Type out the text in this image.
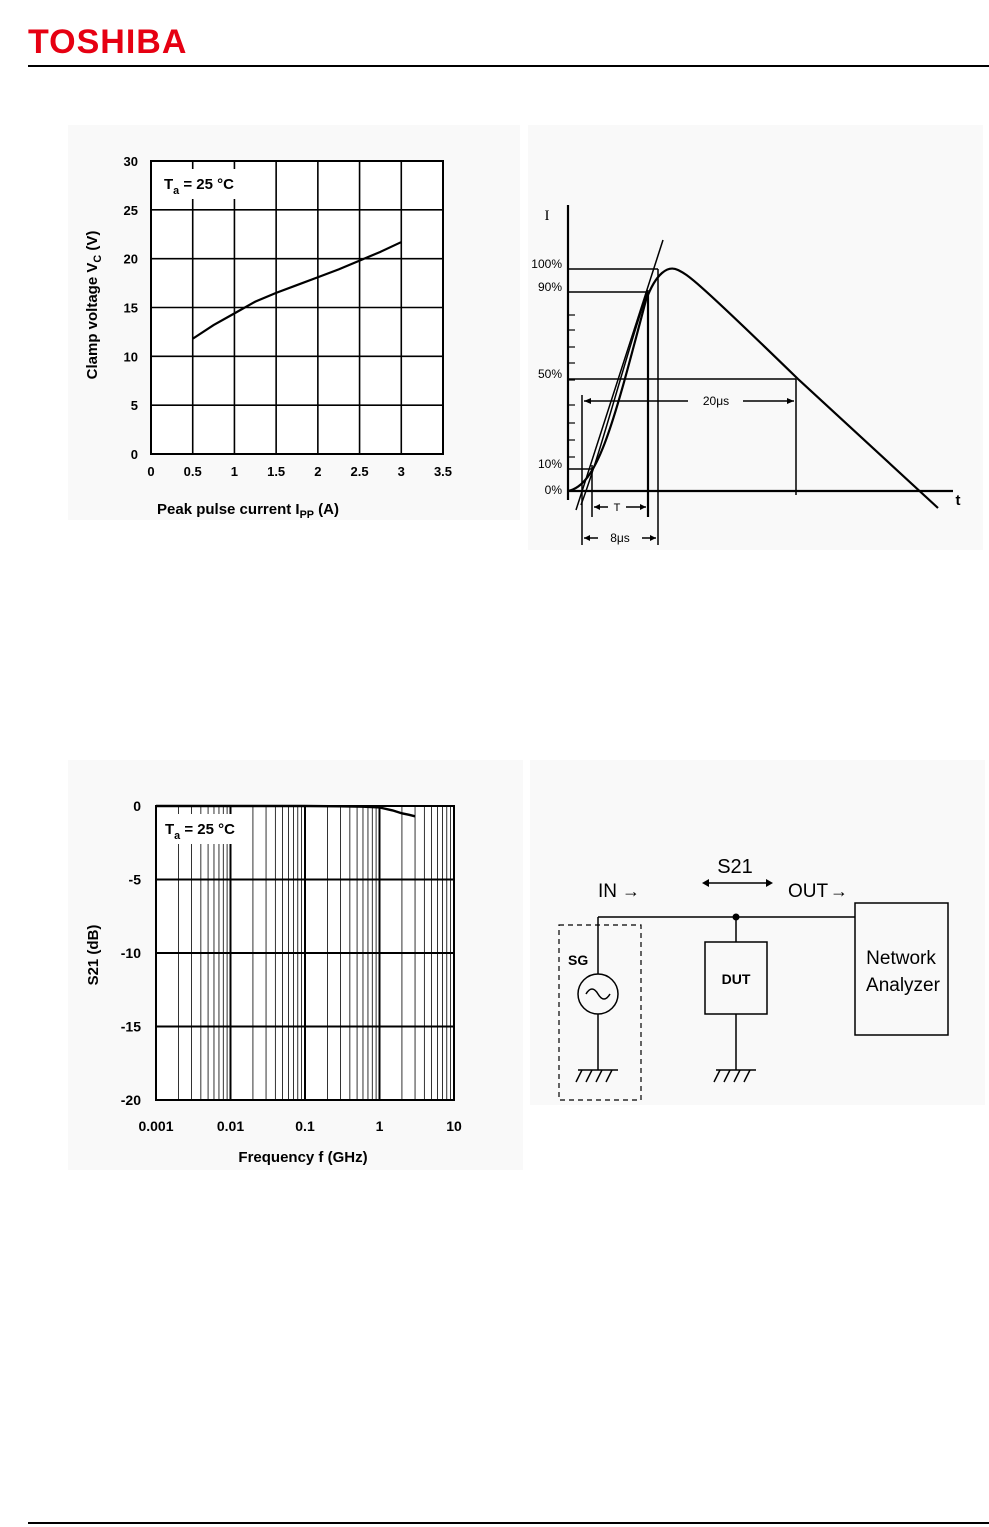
TOSHIBA
0 0.5 1 1.5 2 2.5 3 3.5
0
5
10
15
20
25
30
$T_a = 25$ °C
Peak pulse current $I_{PP}$ (A)
Clamp voltage $V_C$ (V)
I
t
100%
90%
50%
10%
0%
20μs
T
8μs
0.001	0.01	0.1	1	10
0
-5
-10
-15
-20
$T_a = 25$ °C
Frequency f (GHz)
S21 (dB)
S21
IN →	OUT →
SG
DUT
Network
Analyzer
